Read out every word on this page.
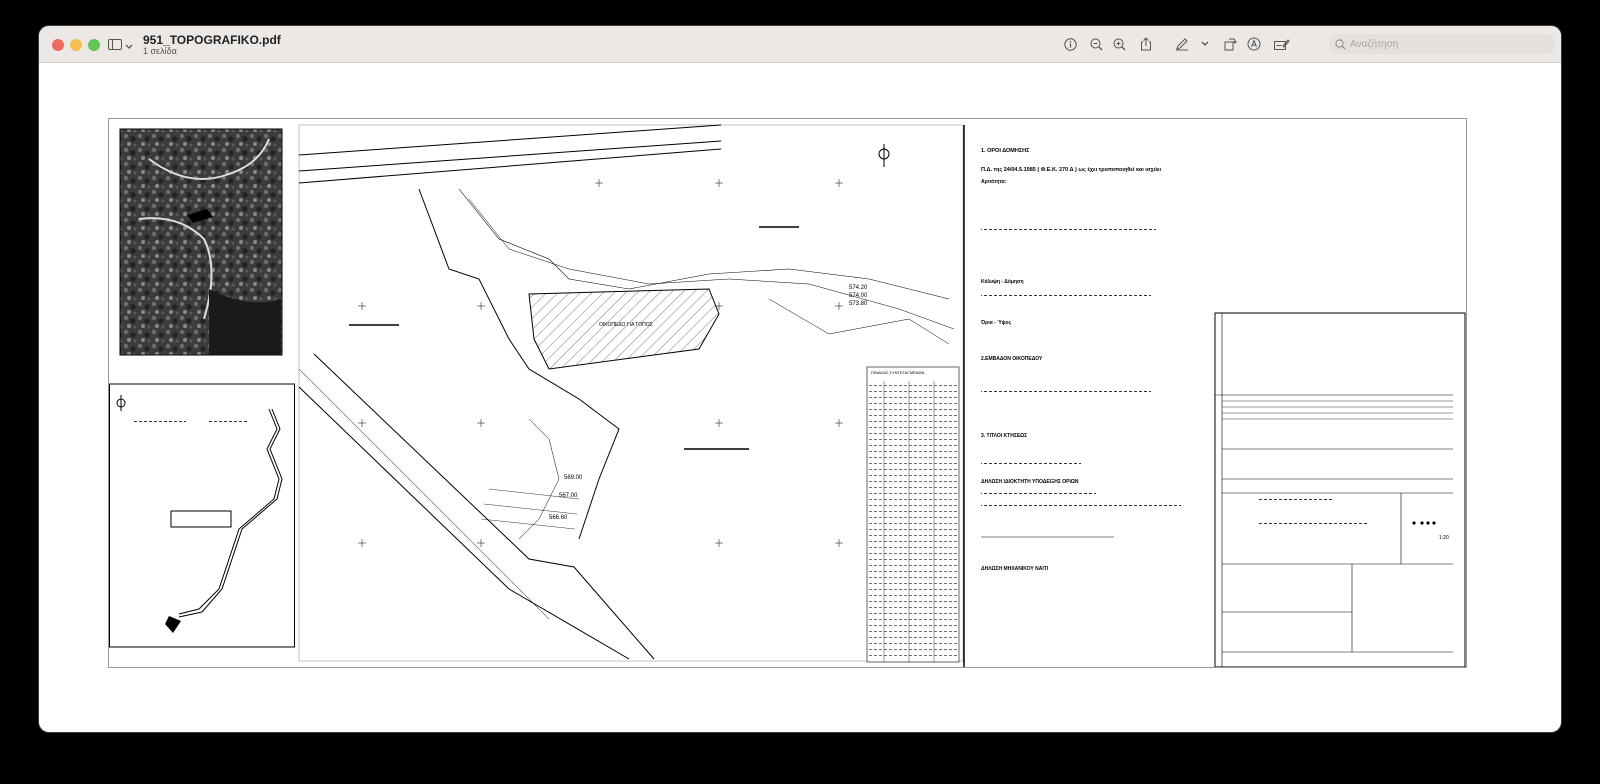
951_TOPOGRAFIKO.pdf
1 σελίδα
Αναζήτηση
ΟΙΚΟΠΕΔΟ ΓΙΑ ΤΟΠΟΣ
574.20
574.00
573.80
569.00
567.00
566.60
ΠΙΝΑΚΑΣ ΣΥΝΤΕΤΑΓΜΕΝΩΝ
1. ΟΡΟΙ ΔΟΜΗΣΗΣ
Π.Δ. της 24/04.5.1985 ( Φ.Ε.Κ. 270 Δ ) ως έχει τροποποιηθεί και ισχύει
Αρτιότητα:
Κάλυψη - Δόμηση
Όρια - Ύψος
2.ΕΜΒΑΔΟΝ ΟΙΚΟΠΕΔΟΥ
3. ΤΙΤΛΟΙ ΚΤΗΣΕΩΣ
ΔΗΛΩΣΗ ΙΔΙΟΚΤΗΤΗ ΥΠΟΔΕΙΞΗΣ ΟΡΙΩΝ
ΔΗΛΩΣΗ ΜΗΧΑΝΙΚΟΥ ΝΑΙΤΙ
1:20
